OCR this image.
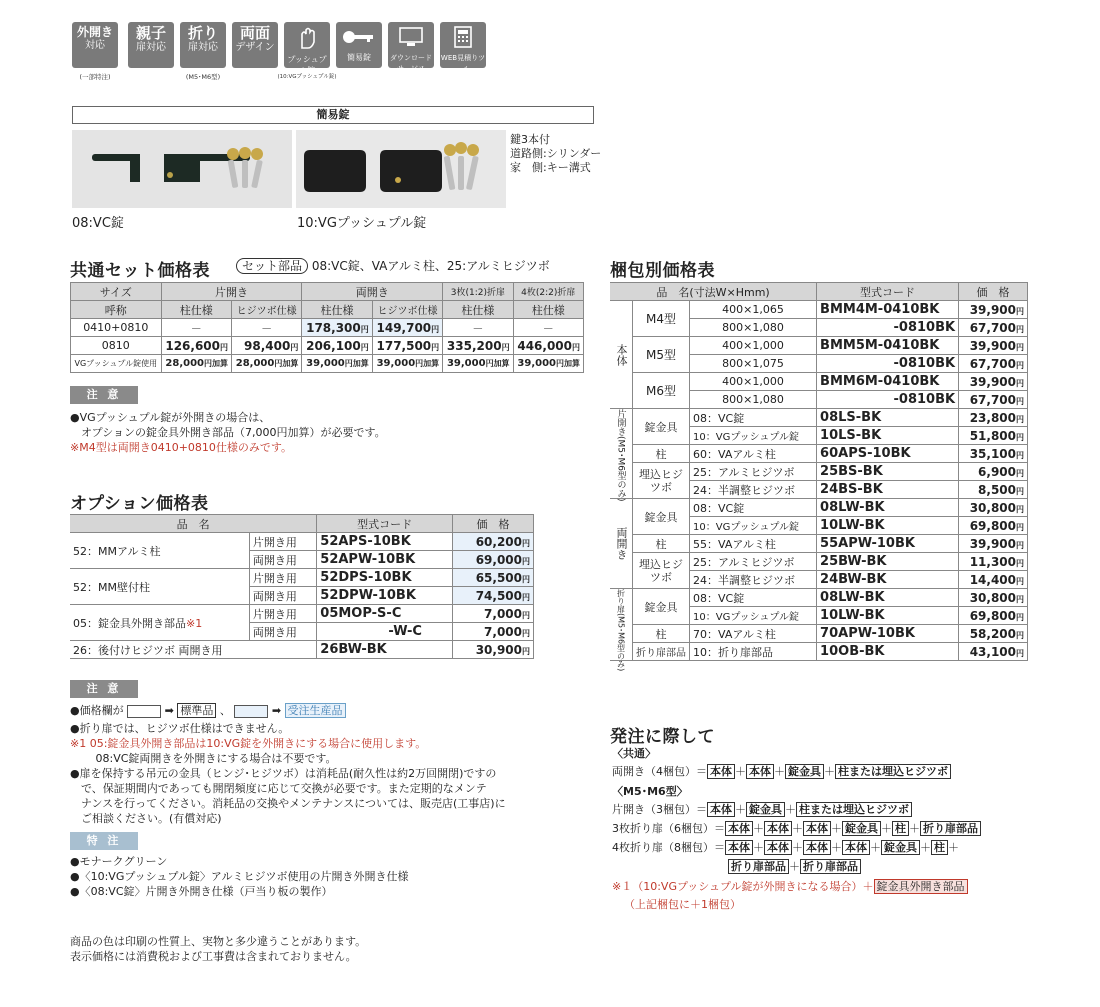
外開き
対応
(一部特注)
親子
扉対応
折り
扉対応
(M5･M6型)
両面
デザイン

プッシュプル錠
(10:VGプッシュプル錠)

簡易錠	ダウンロードサービス

WEB見積りツール
簡易錠
鍵3本付
道路側:シリンダー
家　側:キー溝式
08:VC錠	10:VGプッシュプル錠
共通セット価格表	セット部品 08:VC錠、VAアルミ柱、25:アルミヒジツボ
サイズ	片開き		両開き		3枚(1:2)折扉	4枚(2:2)折扉
呼称	柱仕様	ヒジツボ仕様	柱仕様	ヒジツボ仕様	柱仕様	柱仕様
0410+0810	－	－	178,300円	149,700円	－	－
0810	126,600円	98,400円	206,100円	177,500円	335,200円	446,000円
VGプッシュプル錠使用	28,000円加算	28,000円加算	39,000円加算	39,000円加算	39,000円加算	39,000円加算
注 意
●VGプッシュプル錠が外開きの場合は、
　オプションの錠金具外開き部品（7,000円加算）が必要です。
※M4型は両開き0410+0810仕様のみです。
オプション価格表
品　名		型式コード	価　格
52：MMアルミ柱	片開き用	52APS-10BK	60,200円
	両開き用	52APW-10BK	69,000円
52：MM壁付柱	片開き用	52DPS-10BK	65,500円
	両開き用	52DPW-10BK	74,500円
05：錠金具外開き部品※1	片開き用	05MOP-S-C	7,000円
	両開き用	-W-C	7,000円
26：後付けヒジツボ 両開き用		26BW-BK	30,900円
注 意
●価格欄が	➡ 標準品 、	➡ 受注生産品
●折り扉では、ヒジツボ仕様はできません。
※1 05:錠金具外開き部品は10:VG錠を外開きにする場合に使用します。
　　 08:VC錠両開きを外開きにする場合は不要です。
●扉を保持する吊元の金具（ヒンジ･ヒジツボ）は消耗品(耐久性は約2万回開閉)ですの
　で、保証期間内であっても開閉頻度に応じて交換が必要です。また定期的なメンテ
　ナンスを行ってください。消耗品の交換やメンテナンスについては、販売店(工事店)に
　ご相談ください。(有償対応)
特 注
●モナークグリーン
●〈10:VGプッシュプル錠〉アルミヒジツボ使用の片開き外開き仕様
●〈08:VC錠〉片開き外開き仕様（戸当り板の製作）
商品の色は印刷の性質上、実物と多少違うことがあります。
表示価格には消費税および工事費は含まれておりません。
梱包別価格表
品　名(寸法W×Hmm)			型式コード	価　格
本体	M4型	400×1,065	BMM4M-0410BK	39,900円
		800×1,080	-0810BK	67,700円
	M5型	400×1,000	BMM5M-0410BK	39,900円
		800×1,075	-0810BK	67,700円
	M6型	400×1,000	BMM6M-0410BK	39,900円
		800×1,080	-0810BK	67,700円
片開き(M5･M6型のみ)	錠金具	08：VC錠	08LS-BK	23,800円
		10：VGプッシュプル錠	10LS-BK	51,800円
	柱	60：VAアルミ柱	60APS-10BK	35,100円
	埋込ヒジツボ	25：アルミヒジツボ	25BS-BK	6,900円
		24：半調整ヒジツボ	24BS-BK	8,500円
両開き	錠金具	08：VC錠	08LW-BK	30,800円
		10：VGプッシュプル錠	10LW-BK	69,800円
	柱	55：VAアルミ柱	55APW-10BK	39,900円
	埋込ヒジツボ	25：アルミヒジツボ	25BW-BK	11,300円
		24：半調整ヒジツボ	24BW-BK	14,400円
折り扉(M5･M6型のみ)	錠金具	08：VC錠	08LW-BK	30,800円
		10：VGプッシュプル錠	10LW-BK	69,800円
	柱	70：VAアルミ柱	70APW-10BK	58,200円
	折り扉部品	10：折り扉部品	10OB-BK	43,100円
発注に際して
〈共通〉
両開き（4梱包）＝ 本体 ＋ 本体 ＋ 錠金具 ＋ 柱または埋込ヒジツボ
〈M5･M6型〉
片開き（3梱包）＝ 本体 ＋ 錠金具 ＋ 柱または埋込ヒジツボ
3枚折り扉（6梱包）＝ 本体 ＋ 本体 ＋ 本体 ＋ 錠金具 ＋ 柱 ＋ 折り扉部品
4枚折り扉（8梱包）＝ 本体 ＋ 本体 ＋ 本体 ＋ 本体 ＋ 錠金具 ＋ 柱 ＋
折り扉部品 ＋ 折り扉部品
※１（10:VGプッシュプル錠が外開きになる場合）＋ 錠金具外開き部品
（上記梱包に＋1梱包）
